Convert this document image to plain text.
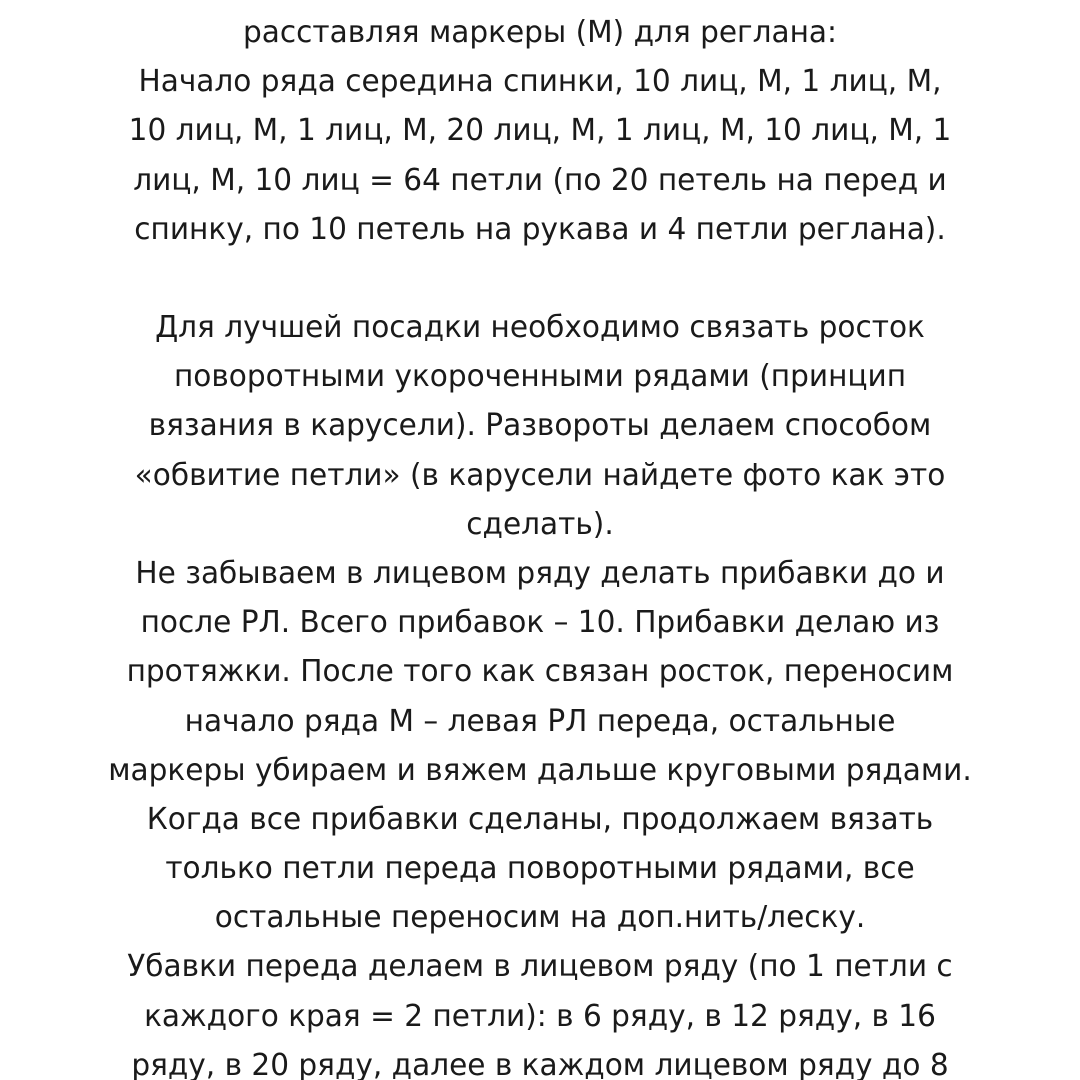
расставляя маркеры (М) для реглана:
Начало ряда середина спинки, 10 лиц, М, 1 лиц, М,
10 лиц, М, 1 лиц, М, 20 лиц, М, 1 лиц, М, 10 лиц, М, 1
лиц, М, 10 лиц = 64 петли (по 20 петель на перед и
спинку, по 10 петель на рукава и 4 петли реглана).
Для лучшей посадки необходимо связать росток
поворотными укороченными рядами (принцип
вязания в карусели). Развороты делаем способом
«обвитие петли» (в карусели найдете фото как это
сделать).
Не забываем в лицевом ряду делать прибавки до и
после РЛ. Всего прибавок – 10. Прибавки делаю из
протяжки. После того как связан росток, переносим
начало ряда М – левая РЛ переда, остальные
маркеры убираем и вяжем дальше круговыми рядами.
Когда все прибавки сделаны, продолжаем вязать
только петли переда поворотными рядами, все
остальные переносим на доп.нить/леску.
Убавки переда делаем в лицевом ряду (по 1 петли с
каждого края = 2 петли): в 6 ряду, в 12 ряду, в 16
ряду, в 20 ряду, далее в каждом лицевом ряду до 8
